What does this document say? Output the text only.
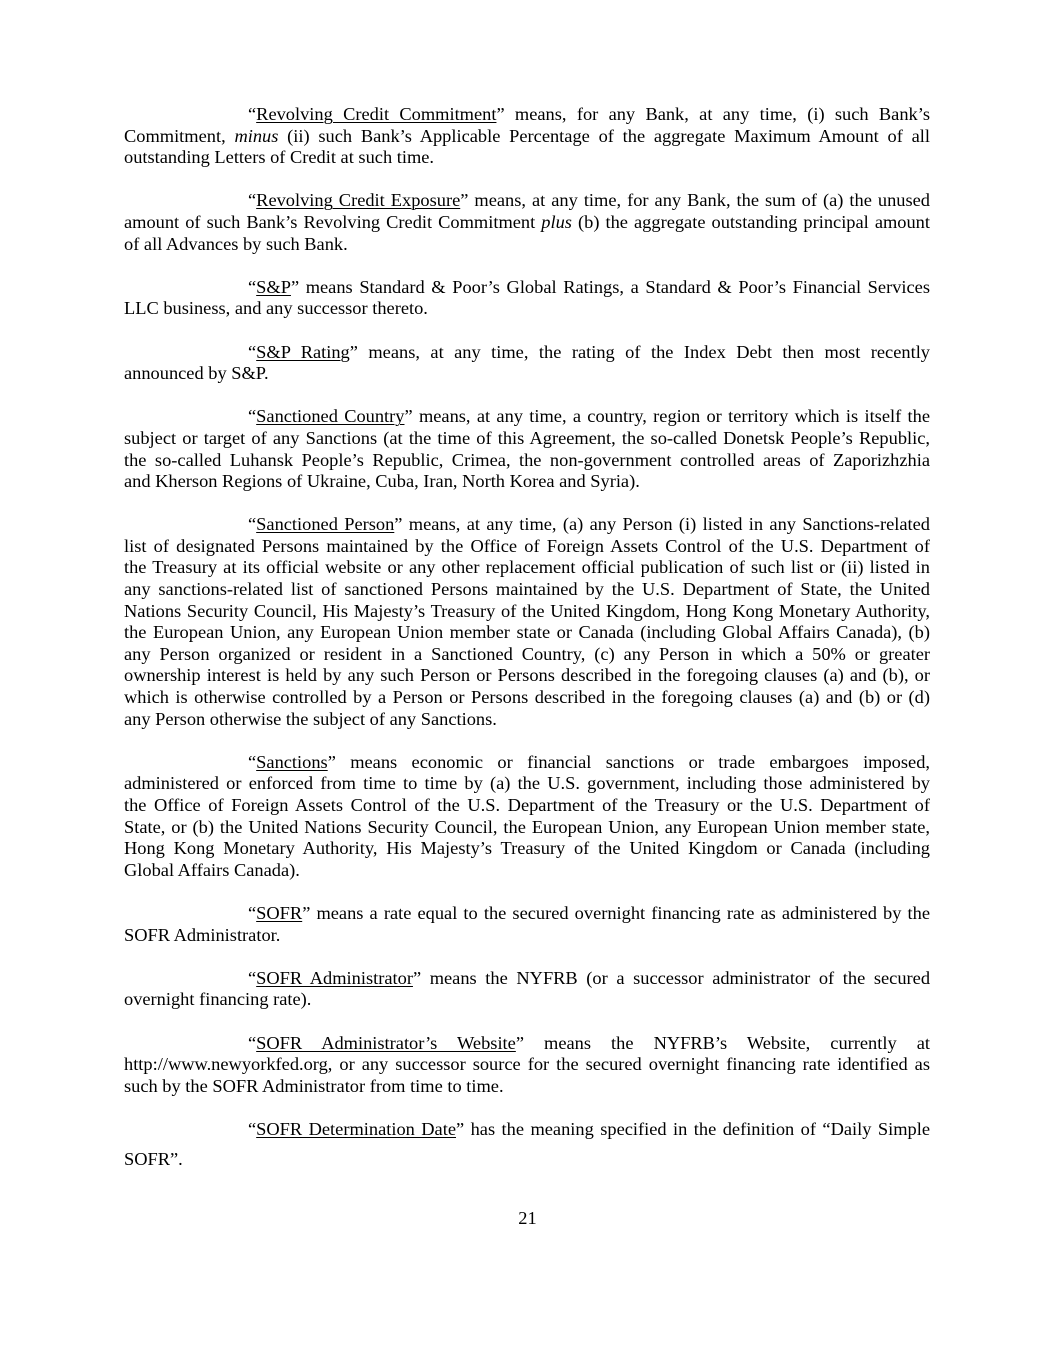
“Revolving Credit Commitment” means, for any Bank, at any time, (i) such Bank’s
Commitment, minus (ii) such Bank’s Applicable Percentage of the aggregate Maximum Amount of all
outstanding Letters of Credit at such time.
“Revolving Credit Exposure” means, at any time, for any Bank, the sum of (a) the unused
amount of such Bank’s Revolving Credit Commitment plus (b) the aggregate outstanding principal amount
of all Advances by such Bank.
“S&P” means Standard & Poor’s Global Ratings, a Standard & Poor’s Financial Services
LLC business, and any successor thereto.
“S&P Rating” means, at any time, the rating of the Index Debt then most recently
announced by S&P.
“Sanctioned Country” means, at any time, a country, region or territory which is itself the
subject or target of any Sanctions (at the time of this Agreement, the so-called Donetsk People’s Republic,
the so-called Luhansk People’s Republic, Crimea, the non-government controlled areas of Zaporizhzhia
and Kherson Regions of Ukraine, Cuba, Iran, North Korea and Syria).
“Sanctioned Person” means, at any time, (a) any Person (i) listed in any Sanctions-related
list of designated Persons maintained by the Office of Foreign Assets Control of the U.S. Department of
the Treasury at its official website or any other replacement official publication of such list or (ii) listed in
any sanctions-related list of sanctioned Persons maintained by the U.S. Department of State, the United
Nations Security Council, His Majesty’s Treasury of the United Kingdom, Hong Kong Monetary Authority,
the European Union, any European Union member state or Canada (including Global Affairs Canada), (b)
any Person organized or resident in a Sanctioned Country, (c) any Person in which a 50% or greater
ownership interest is held by any such Person or Persons described in the foregoing clauses (a) and (b), or
which is otherwise controlled by a Person or Persons described in the foregoing clauses (a) and (b) or (d)
any Person otherwise the subject of any Sanctions.
“Sanctions” means economic or financial sanctions or trade embargoes imposed,
administered or enforced from time to time by (a) the U.S. government, including those administered by
the Office of Foreign Assets Control of the U.S. Department of the Treasury or the U.S. Department of
State, or (b) the United Nations Security Council, the European Union, any European Union member state,
Hong Kong Monetary Authority, His Majesty’s Treasury of the United Kingdom or Canada (including
Global Affairs Canada).
“SOFR” means a rate equal to the secured overnight financing rate as administered by the
SOFR Administrator.
“SOFR Administrator” means the NYFRB (or a successor administrator of the secured
overnight financing rate).
“SOFR Administrator’s Website” means the NYFRB’s Website, currently at
http://www.newyorkfed.org, or any successor source for the secured overnight financing rate identified as
such by the SOFR Administrator from time to time.
“SOFR Determination Date” has the meaning specified in the definition of “Daily Simple
SOFR”.
21
